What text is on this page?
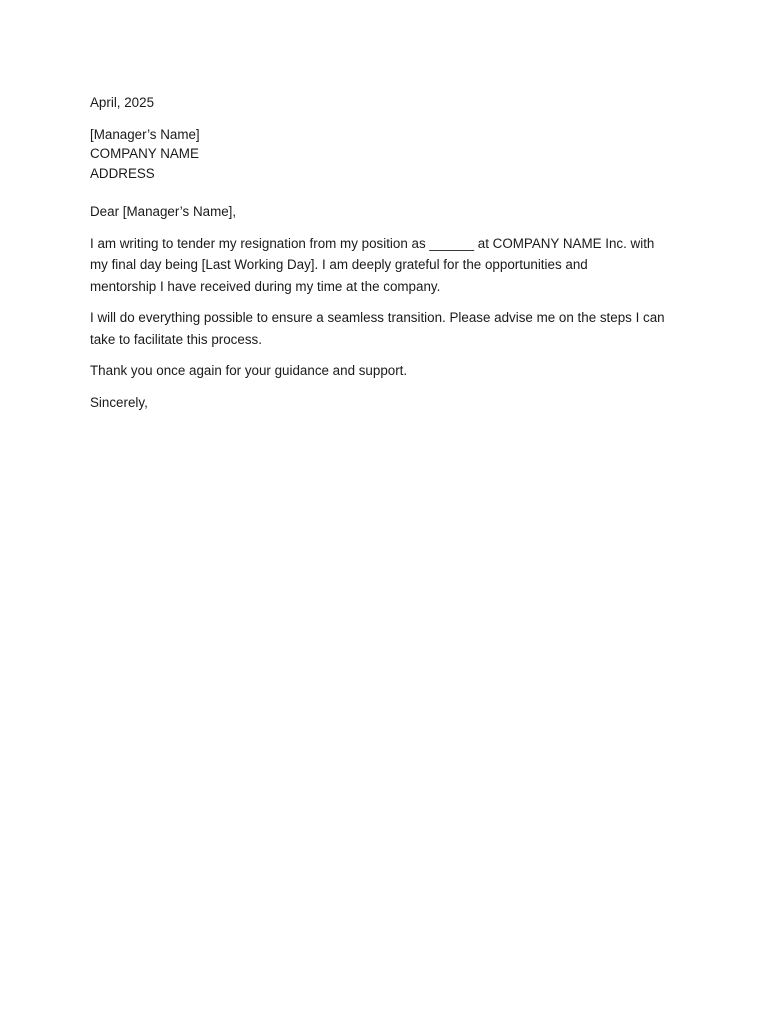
April, 2025
[Manager’s Name]
COMPANY NAME
ADDRESS
Dear [Manager’s Name],
I am writing to tender my resignation from my position as ______ at COMPANY NAME Inc. with
my final day being [Last Working Day]. I am deeply grateful for the opportunities and
mentorship I have received during my time at the company.
I will do everything possible to ensure a seamless transition. Please advise me on the steps I can
take to facilitate this process.
Thank you once again for your guidance and support.
Sincerely,
